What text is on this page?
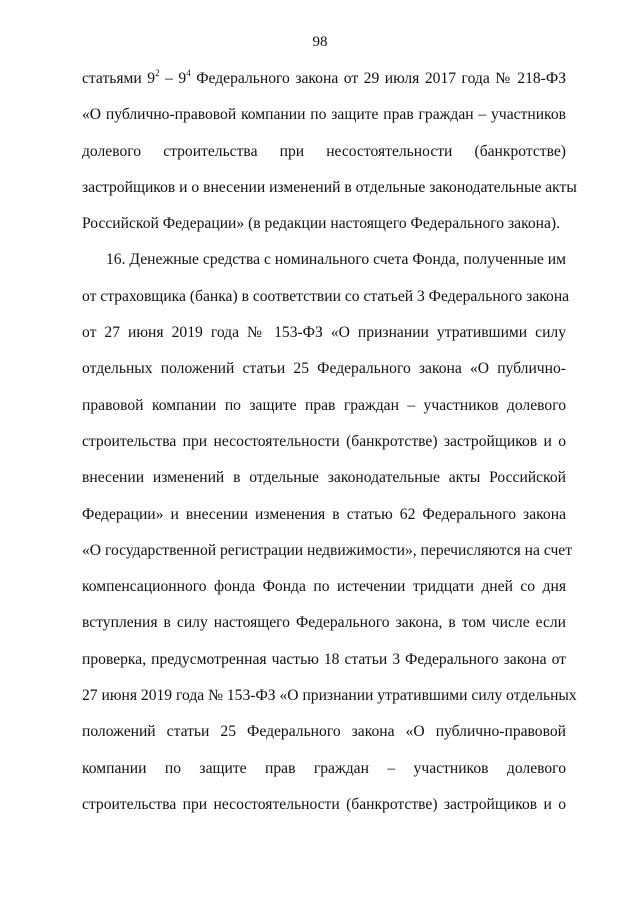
98
статьями $9^2 - 9^4$ Федерального закона от 29 июля 2017 года № 218-ФЗ
«О публично-правовой компании по защите прав граждан – участников
долевого строительства при несостоятельности (банкротстве)
застройщиков и о внесении изменений в отдельные законодательные акты
Российской Федерации» (в редакции настоящего Федерального закона).
16. Денежные средства с номинального счета Фонда, полученные им
от страховщика (банка) в соответствии со статьей 3 Федерального закона
от 27 июня 2019 года № 153-ФЗ «О признании утратившими силу
отдельных положений статьи 25 Федерального закона «О публично-
правовой компании по защите прав граждан – участников долевого
строительства при несостоятельности (банкротстве) застройщиков и о
внесении изменений в отдельные законодательные акты Российской
Федерации» и внесении изменения в статью 62 Федерального закона
«О государственной регистрации недвижимости», перечисляются на счет
компенсационного фонда Фонда по истечении тридцати дней со дня
вступления в силу настоящего Федерального закона, в том числе если
проверка, предусмотренная частью 18 статьи 3 Федерального закона от
27 июня 2019 года № 153-ФЗ «О признании утратившими силу отдельных
положений статьи 25 Федерального закона «О публично-правовой
компании по защите прав граждан – участников долевого
строительства при несостоятельности (банкротстве) застройщиков и о
